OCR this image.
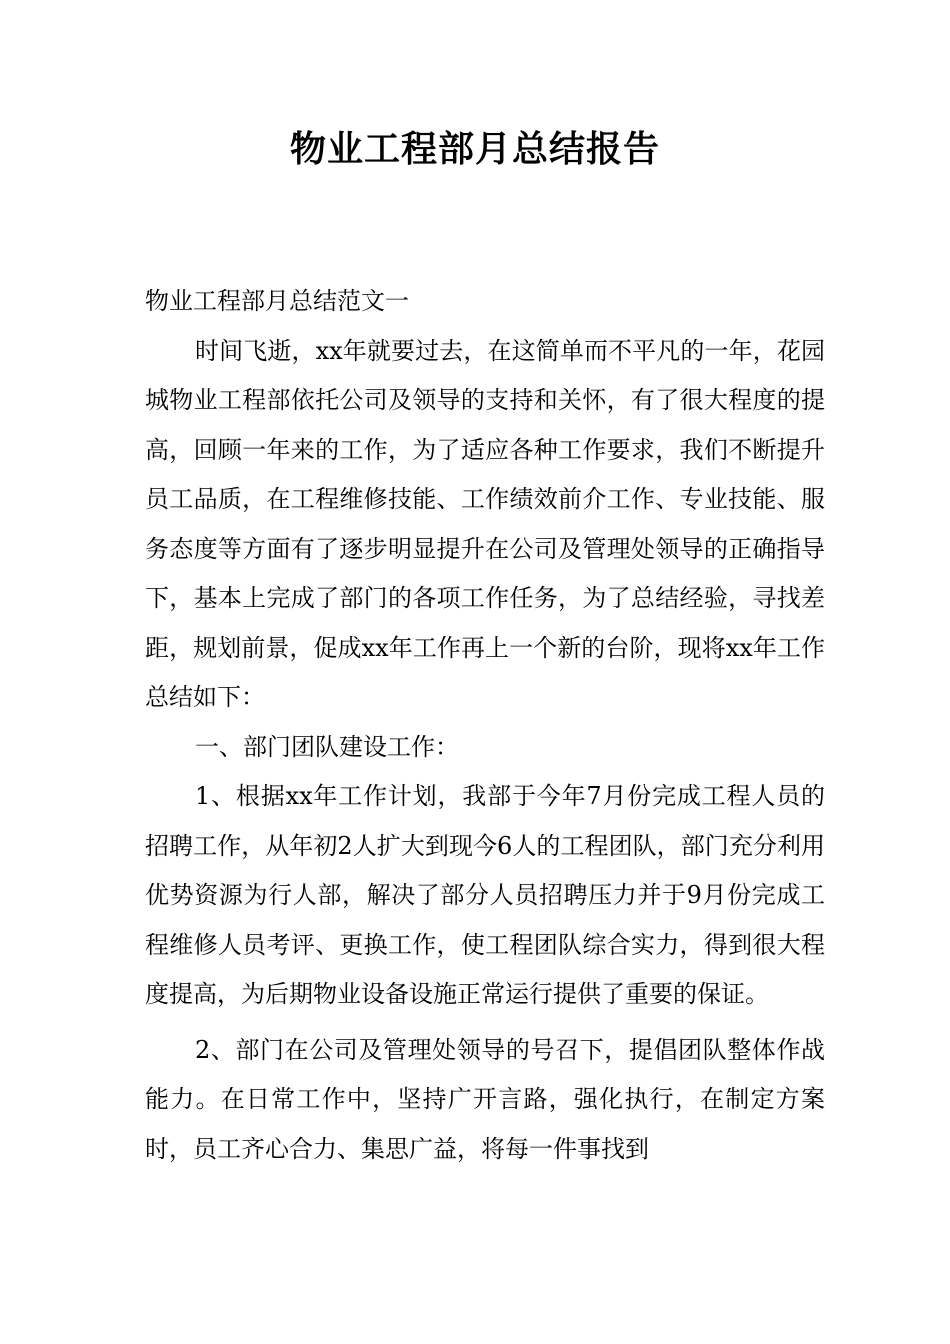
物业工程部月总结报告

物业工程部月总结范文一

时间飞逝，xx年就要过去，在这简单而不平凡的一年，花园城物业工程部依托公司及领导的支持和关怀，有了很大程度的提高，回顾一年来的工作，为了适应各种工作要求，我们不断提升员工品质，在工程维修技能、工作绩效前介工作、专业技能、服务态度等方面有了逐步明显提升在公司及管理处领导的正确指导下，基本上完成了部门的各项工作任务，为了总结经验，寻找差距，规划前景，促成xx年工作再上一个新的台阶，现将xx年工作总结如下：

一、部门团队建设工作：

1、根据xx年工作计划，我部于今年7月份完成工程人员的招聘工作，从年初2人扩大到现今6人的工程团队，部门充分利用优势资源为行人部，解决了部分人员招聘压力并于9月份完成工程维修人员考评、更换工作，使工程团队综合实力，得到很大程度提高，为后期物业设备设施正常运行提供了重要的保证。

2、部门在公司及管理处领导的号召下，提倡团队整体作战能力。在日常工作中，坚持广开言路，强化执行，在制定方案时，员工齐心合力、集思广益，将每一件事找到
